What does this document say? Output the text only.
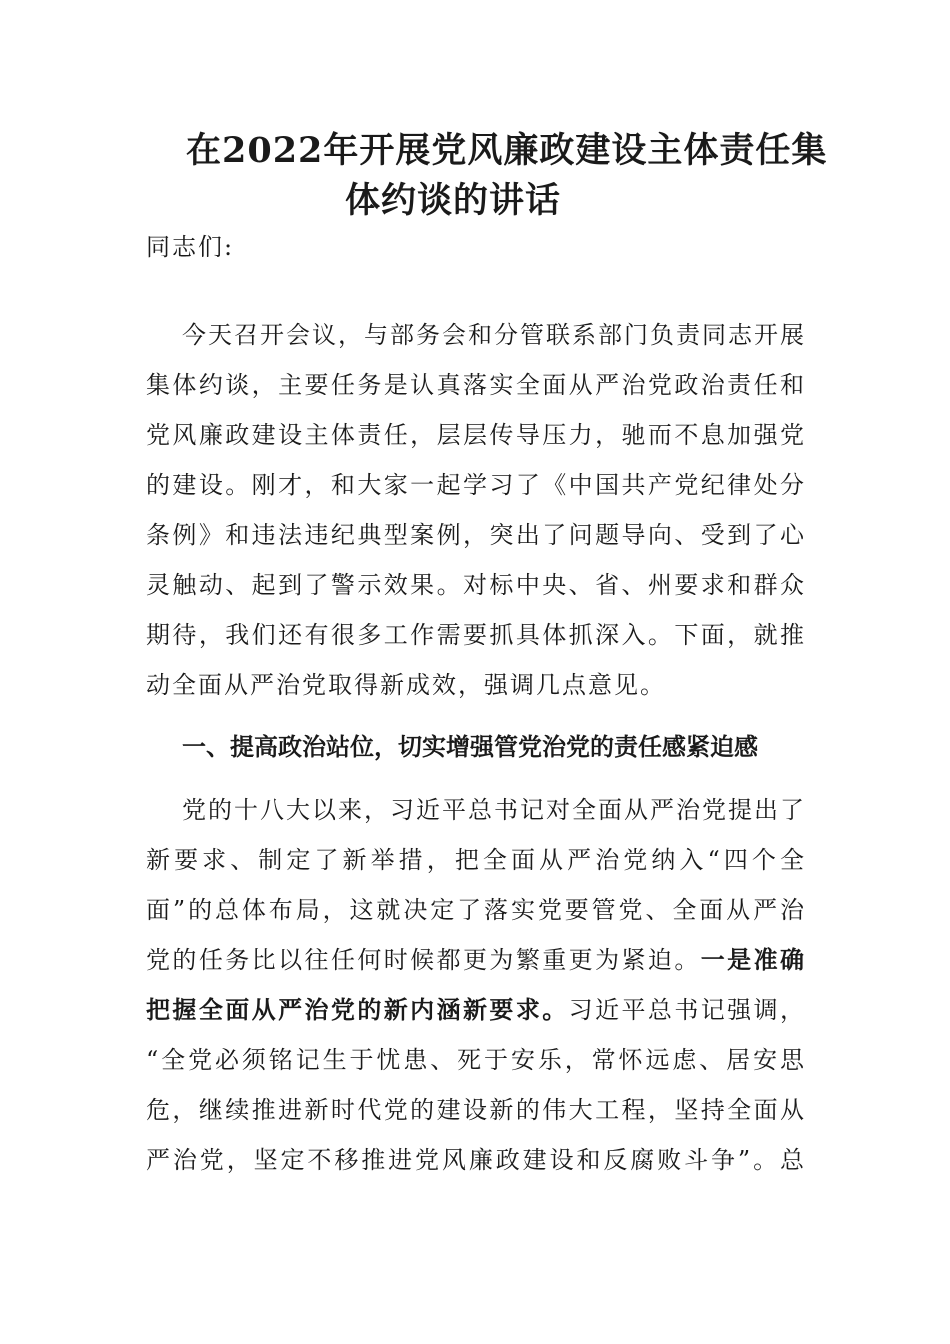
在2022年开展党风廉政建设主体责任集
体约谈的讲话
同志们:
今天召开会议，与部务会和分管联系部门负责同志开展
集体约谈，主要任务是认真落实全面从严治党政治责任和
党风廉政建设主体责任，层层传导压力，驰而不息加强党
的建设。刚才，和大家一起学习了《中国共产党纪律处分
条例》和违法违纪典型案例，突出了问题导向、受到了心
灵触动、起到了警示效果。对标中央、省、州要求和群众
期待，我们还有很多工作需要抓具体抓深入。下面，就推
动全面从严治党取得新成效，强调几点意见。
一、提高政治站位，切实增强管党治党的责任感紧迫感
党的十八大以来，习近平总书记对全面从严治党提出了
新要求、制定了新举措，把全面从严治党纳入“四个全
面”的总体布局，这就决定了落实党要管党、全面从严治
党的任务比以往任何时候都更为繁重更为紧迫。一是准确
把握全面从严治党的新内涵新要求。习近平总书记强调，
“全党必须铭记生于忧患、死于安乐，常怀远虑、居安思
危，继续推进新时代党的建设新的伟大工程，坚持全面从
严治党，坚定不移推进党风廉政建设和反腐败斗争”。总
